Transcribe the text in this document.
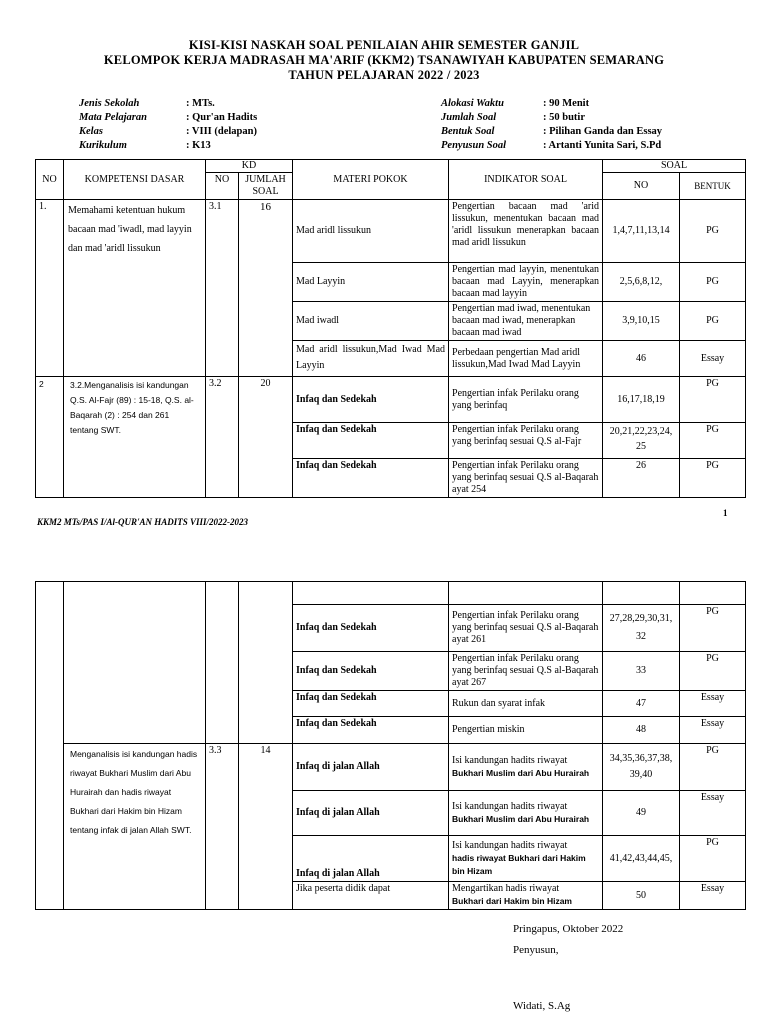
KISI-KISI NASKAH SOAL PENILAIAN AHIR SEMESTER GANJIL
KELOMPOK KERJA MADRASAH MA'ARIF (KKM2) TSANAWIYAH KABUPATEN SEMARANG
TAHUN PELAJARAN 2022 / 2023
Jenis Sekolah	: MTs.
Mata Pelajaran	: Qur'an Hadits
Kelas	: VIII (delapan)
Kurikulum	: K13
Alokasi Waktu	: 90 Menit
Jumlah Soal	: 50 butir
Bentuk Soal	: Pilihan Ganda dan Essay
Penyusun Soal	: Artanti Yunita Sari, S.Pd
NO	KOMPETENSI DASAR	KD		MATERI POKOK	INDIKATOR SOAL	SOAL	
		NO	JUMLAH SOAL			NO	BENTUK
1.	Memahami ketentuan hukum bacaan mad 'iwadl, mad layyin dan mad 'aridl lissukun	3.1	16	Mad aridl lissukun	Pengertian bacaan mad 'arid lissukun, menentukan bacaan mad 'aridl lissukun menerapkan bacaan mad aridl lissukun	1,4,7,11,13,14	PG
				Mad Layyin	Pengertian mad layyin, menentukan bacaan mad Layyin, menerapkan bacaan mad layyin	2,5,6,8,12,	PG
				Mad iwadl	Pengertian mad iwad, menentukan bacaan mad iwad, menerapkan bacaan mad iwad	3,9,10,15	PG
				Mad aridl lissukun,Mad Iwad Mad Layyin	Perbedaan pengertian Mad aridl lissukun,Mad Iwad Mad Layyin	46	Essay
2	3.2.Menganalisis isi kandungan Q.S. Al-Fajr (89) : 15-18, Q.S. al-Baqarah (2) : 254 dan 261 tentang SWT.	3.2	20	Infaq dan Sedekah	Pengertian infak Perilaku orang yang berinfaq	16,17,18,19	PG
				Infaq dan Sedekah	Pengertian infak Perilaku orang yang berinfaq sesuai Q.S al-Fajr	20,21,22,23,24, 25	PG
				Infaq dan Sedekah	Pengertian infak Perilaku orang yang berinfaq sesuai Q.S al-Baqarah ayat 254	26	PG
1
KKM2 MTs/PAS I/Al-QUR'AN HADITS VIII/2022-2023

				Infaq dan Sedekah	Pengertian infak Perilaku orang yang berinfaq sesuai Q.S al-Baqarah ayat 261	27,28,29,30,31, 32	PG
				Infaq dan Sedekah	Pengertian infak Perilaku orang yang berinfaq sesuai Q.S al-Baqarah ayat 267	33	PG
				Infaq dan Sedekah	Rukun dan syarat infak	47	Essay
				Infaq dan Sedekah	Pengertian miskin	48	Essay
	Menganalisis isi kandungan hadis riwayat Bukhari Muslim dari Abu Hurairah dan hadis riwayat Bukhari dari Hakim bin Hizam tentang infak di jalan Allah SWT.	3.3	14	Infaq di jalan Allah	Isi kandungan hadits riwayat
Bukhari Muslim dari Abu Hurairah	34,35,36,37,38, 39,40	PG
				Infaq di jalan Allah	Isi kandungan hadits riwayat
Bukhari Muslim dari Abu Hurairah	49	Essay
				Infaq di jalan Allah	Isi kandungan hadits riwayat
hadis riwayat Bukhari dari Hakim bin Hizam	41,42,43,44,45,	PG
				Jika peserta didik dapat	Mengartikan hadis riwayat
Bukhari dari Hakim bin Hizam	50	Essay
Pringapus, Oktober 2022
Penyusun,
Widati, S.Ag
